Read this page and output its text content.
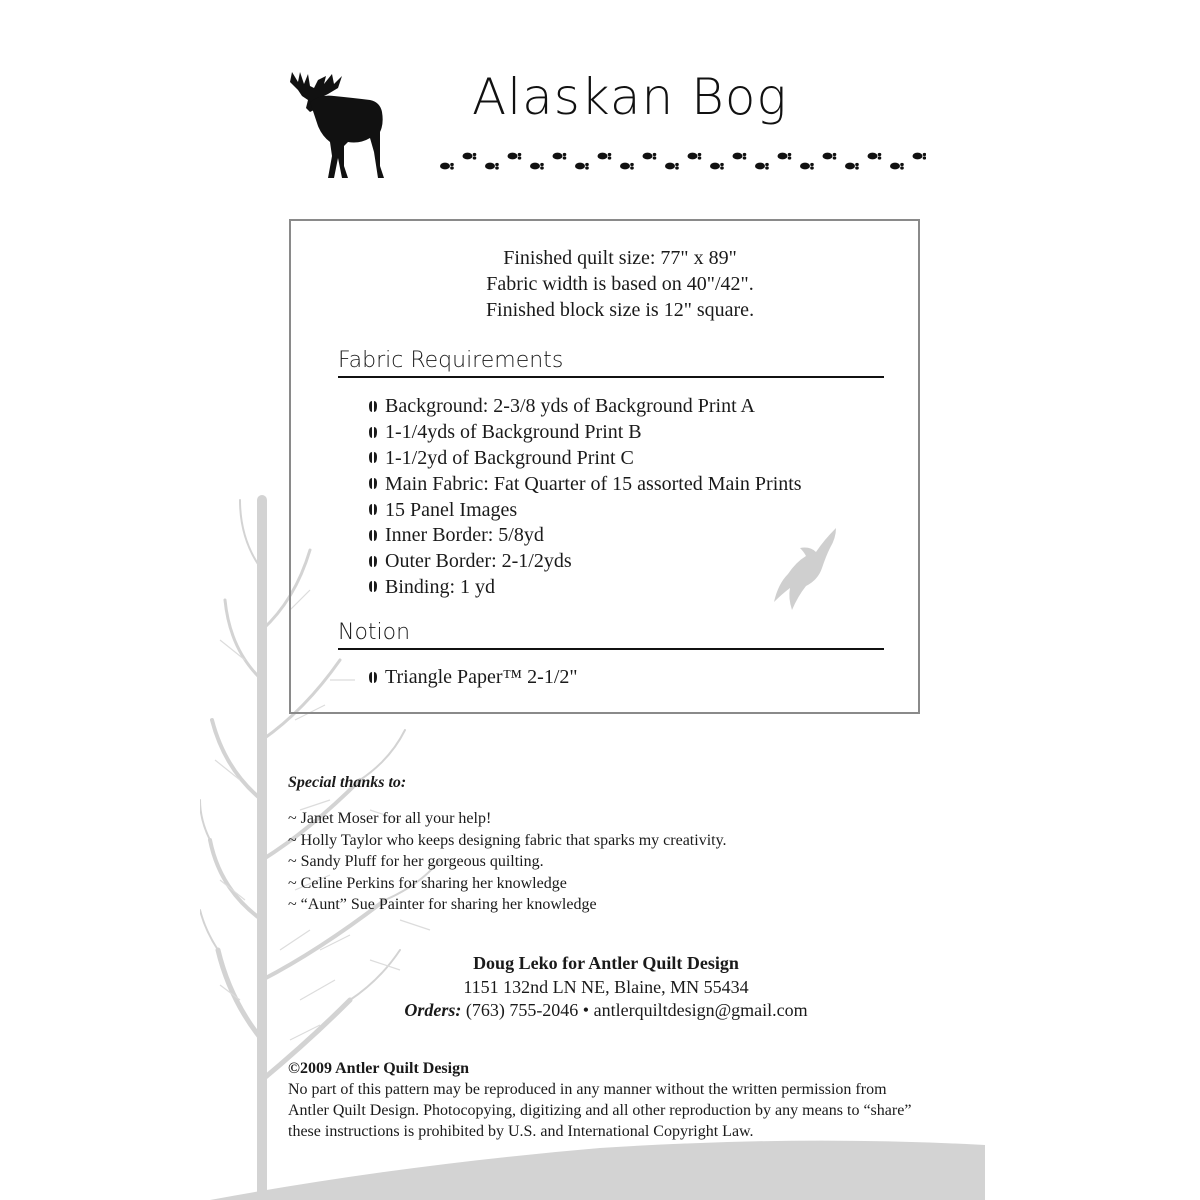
Alaskan Bog
Finished quilt size: 77" x 89"
Fabric width is based on 40"/42".
Finished block size is 12" square.
Fabric Requirements
Background: 2-3/8 yds of Background Print A
1-1/4yds of Background Print B
1-1/2yd of Background Print C
Main Fabric: Fat Quarter of 15 assorted Main Prints
15 Panel Images
Inner Border: 5/8yd
Outer Border: 2-1/2yds
Binding: 1 yd
Notion
Triangle Paper™ 2-1/2"
Special thanks to:
~ Janet Moser for all your help!
~ Holly Taylor who keeps designing fabric that sparks my creativity.
~ Sandy Pluff for her gorgeous quilting.
~ Celine Perkins for sharing her knowledge
~ “Aunt” Sue Painter for sharing her knowledge
Doug Leko for Antler Quilt Design
1151 132nd LN NE, Blaine, MN 55434
Orders: (763) 755-2046 • antlerquiltdesign@gmail.com
©2009 Antler Quilt Design

No part of this pattern may be reproduced in any manner without the written permission from Antler Quilt Design. Photocopying, digitizing and all other reproduction by any means to “share” these instructions is prohibited by U.S. and International Copyright Law.
